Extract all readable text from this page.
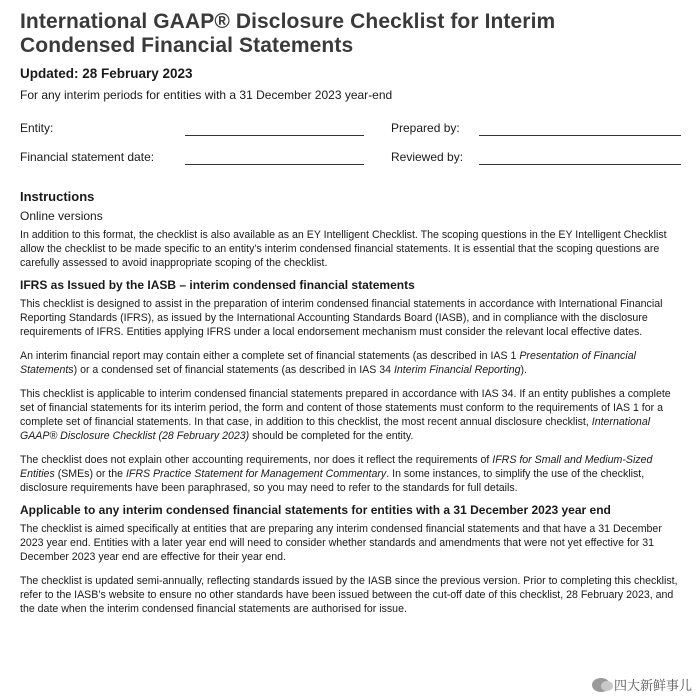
International GAAP® Disclosure Checklist for Interim
Condensed Financial Statements
Updated: 28 February 2023
For any interim periods for entities with a 31 December 2023 year-end
Entity:	Prepared by:
Financial statement date:	Reviewed by:
Instructions
Online versions

In addition to this format, the checklist is also available as an EY Intelligent Checklist. The scoping questions in the EY Intelligent Checklist allow the checklist to be made specific to an entity’s interim condensed financial statements. It is essential that the scoping questions are carefully assessed to avoid inappropriate scoping of the checklist.

IFRS as Issued by the IASB – interim condensed financial statements

This checklist is designed to assist in the preparation of interim condensed financial statements in accordance with International Financial Reporting Standards (IFRS), as issued by the International Accounting Standards Board (IASB), and in compliance with the disclosure requirements of IFRS. Entities applying IFRS under a local endorsement mechanism must consider the relevant local effective dates.

An interim financial report may contain either a complete set of financial statements (as described in IAS 1 Presentation of Financial Statements) or a condensed set of financial statements (as described in IAS 34 Interim Financial Reporting).

This checklist is applicable to interim condensed financial statements prepared in accordance with IAS 34. If an entity publishes a complete set of financial statements for its interim period, the form and content of those statements must conform to the requirements of IAS 1 for a complete set of financial statements. In that case, in addition to this checklist, the most recent annual disclosure checklist, International GAAP® Disclosure Checklist (28 February 2023) should be completed for the entity.

The checklist does not explain other accounting requirements, nor does it reflect the requirements of IFRS for Small and Medium-Sized Entities (SMEs) or the IFRS Practice Statement for Management Commentary. In some instances, to simplify the use of the checklist, disclosure requirements have been paraphrased, so you may need to refer to the standards for full details.

Applicable to any interim condensed financial statements for entities with a 31 December 2023 year end

The checklist is aimed specifically at entities that are preparing any interim condensed financial statements and that have a 31 December 2023 year end. Entities with a later year end will need to consider whether standards and amendments that were not yet effective for 31 December 2023 year end are effective for their year end.

The checklist is updated semi-annually, reflecting standards issued by the IASB since the previous version. Prior to completing this checklist, refer to the IASB’s website to ensure no other standards have been issued between the cut-off date of this checklist, 28 February 2023, and the date when the interim condensed financial statements are authorised for issue.

四大新鲜事儿
